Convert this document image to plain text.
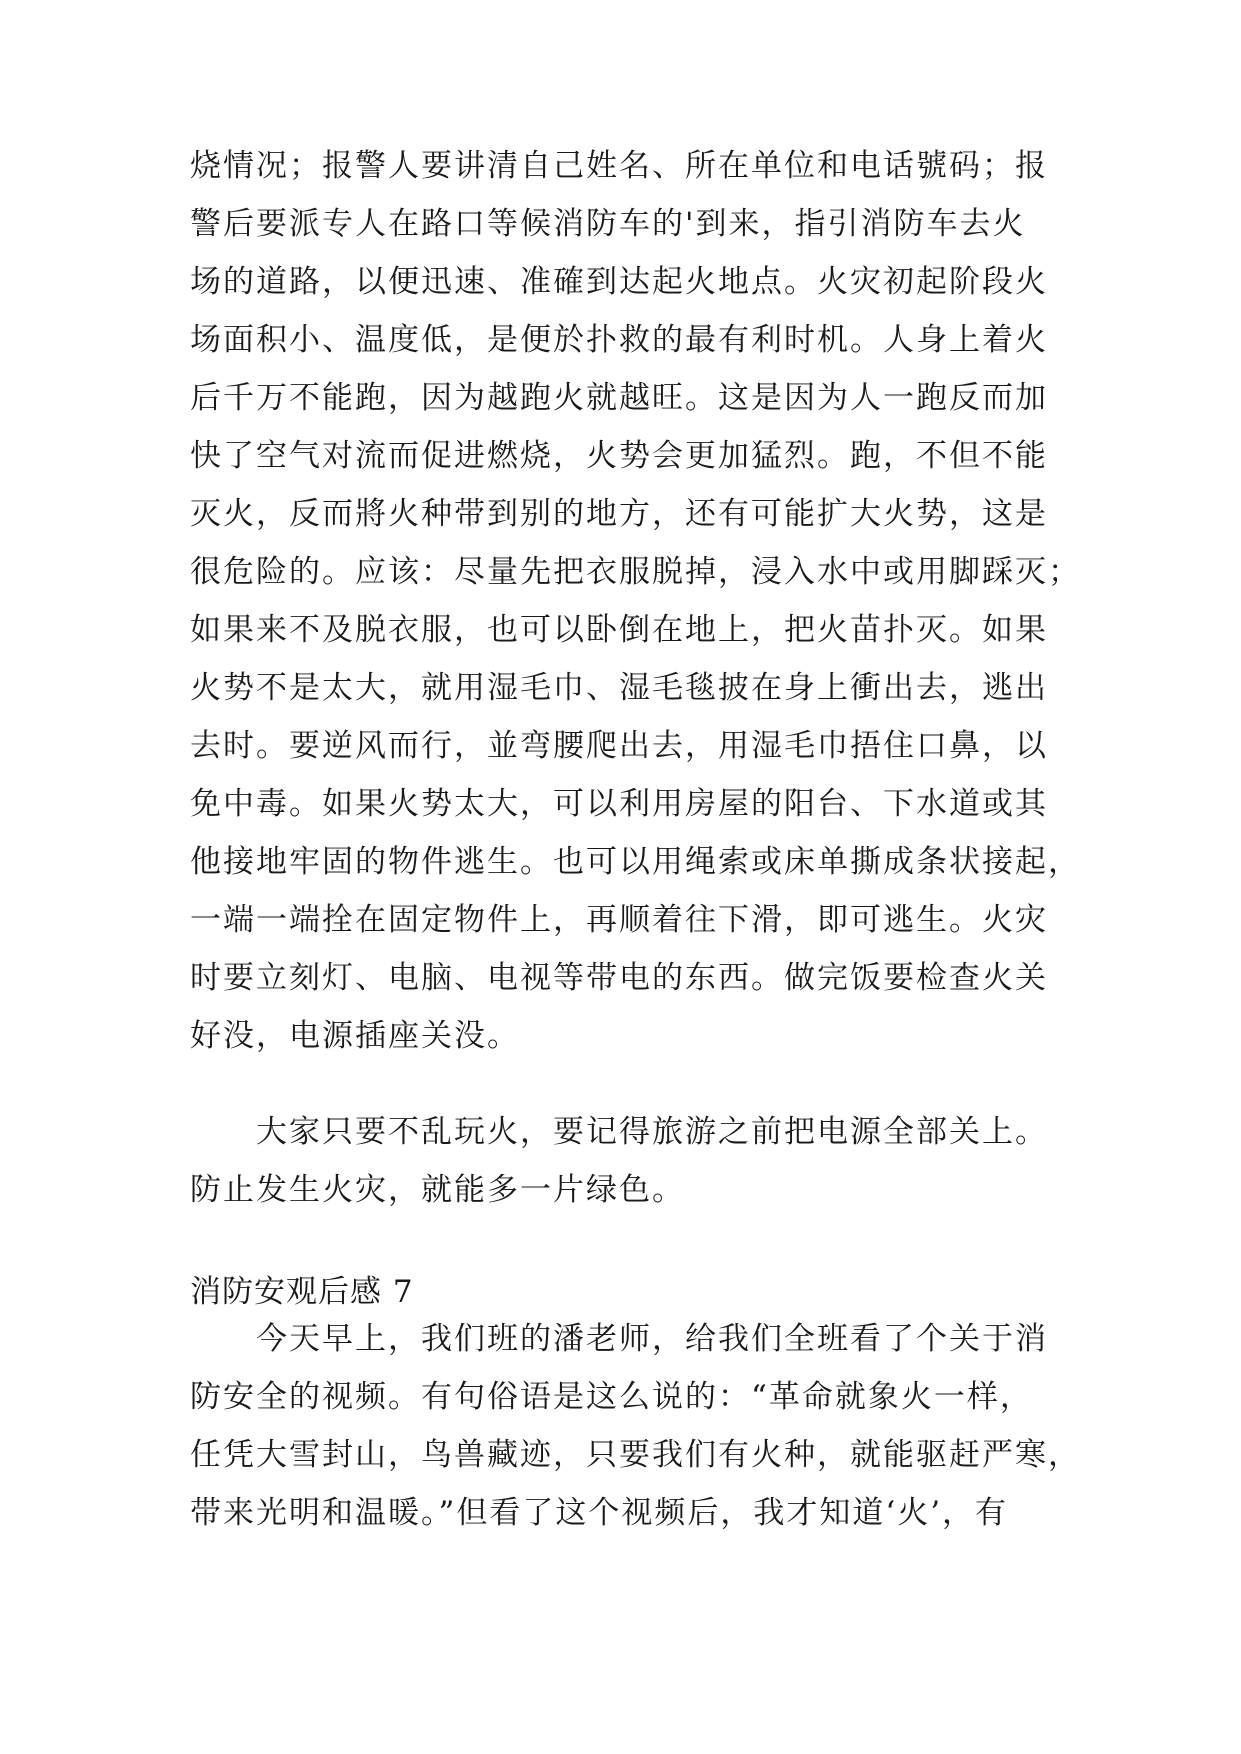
烧情况；报警人要讲清自己姓名、所在单位和电话號码；报
警后要派专人在路口等候消防车的'到来，指引消防车去火
场的道路，以便迅速、准確到达起火地点。火灾初起阶段火
场面积小、温度低，是便於扑救的最有利时机。人身上着火
后千万不能跑，因为越跑火就越旺。这是因为人一跑反而加
快了空气对流而促进燃烧，火势会更加猛烈。跑，不但不能
灭火，反而將火种带到别的地方，还有可能扩大火势，这是
很危险的。应该：尽量先把衣服脱掉，浸入水中或用脚踩灭；
如果来不及脱衣服，也可以卧倒在地上，把火苗扑灭。如果
火势不是太大，就用湿毛巾、湿毛毯披在身上衝出去，逃出
去时。要逆风而行，並弯腰爬出去，用湿毛巾捂住口鼻，以
免中毒。如果火势太大，可以利用房屋的阳台、下水道或其
他接地牢固的物件逃生。也可以用绳索或床单撕成条状接起，
一端一端拴在固定物件上，再顺着往下滑，即可逃生。火灾
时要立刻灯、电脑、电视等带电的东西。做完饭要检查火关
好没，电源插座关没。
大家只要不乱玩火，要记得旅游之前把电源全部关上。
防止发生火灾，就能多一片绿色。
消防安观后感 7
今天早上，我们班的潘老师，给我们全班看了个关于消
防安全的视频。有句俗语是这么说的：“革命就象火一样，
任凭大雪封山，鸟兽藏迹，只要我们有火种，就能驱赶严寒，
带来光明和温暖。”但看了这个视频后，我才知道‘火’，有
